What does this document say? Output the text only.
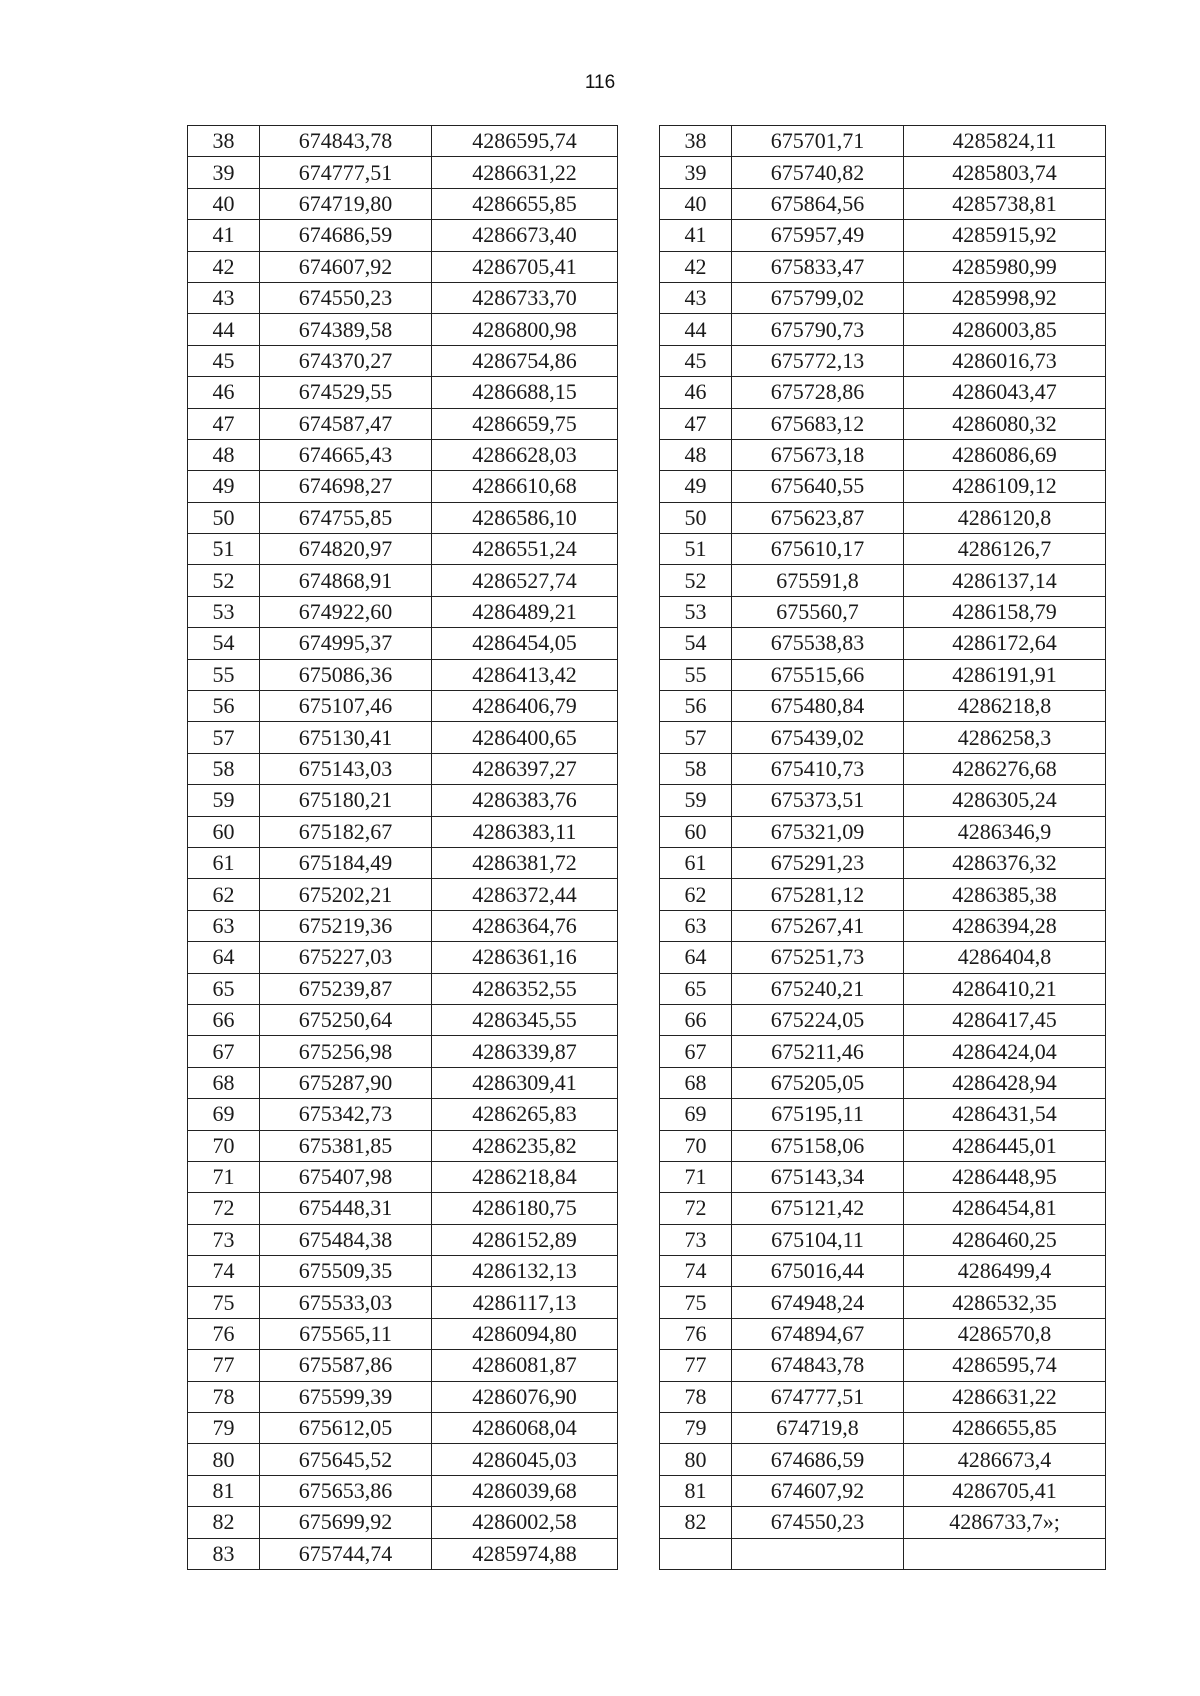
116
38	674843,78	4286595,74
39	674777,51	4286631,22
40	674719,80	4286655,85
41	674686,59	4286673,40
42	674607,92	4286705,41
43	674550,23	4286733,70
44	674389,58	4286800,98
45	674370,27	4286754,86
46	674529,55	4286688,15
47	674587,47	4286659,75
48	674665,43	4286628,03
49	674698,27	4286610,68
50	674755,85	4286586,10
51	674820,97	4286551,24
52	674868,91	4286527,74
53	674922,60	4286489,21
54	674995,37	4286454,05
55	675086,36	4286413,42
56	675107,46	4286406,79
57	675130,41	4286400,65
58	675143,03	4286397,27
59	675180,21	4286383,76
60	675182,67	4286383,11
61	675184,49	4286381,72
62	675202,21	4286372,44
63	675219,36	4286364,76
64	675227,03	4286361,16
65	675239,87	4286352,55
66	675250,64	4286345,55
67	675256,98	4286339,87
68	675287,90	4286309,41
69	675342,73	4286265,83
70	675381,85	4286235,82
71	675407,98	4286218,84
72	675448,31	4286180,75
73	675484,38	4286152,89
74	675509,35	4286132,13
75	675533,03	4286117,13
76	675565,11	4286094,80
77	675587,86	4286081,87
78	675599,39	4286076,90
79	675612,05	4286068,04
80	675645,52	4286045,03
81	675653,86	4286039,68
82	675699,92	4286002,58
83	675744,74	4285974,88
38	675701,71	4285824,11
39	675740,82	4285803,74
40	675864,56	4285738,81
41	675957,49	4285915,92
42	675833,47	4285980,99
43	675799,02	4285998,92
44	675790,73	4286003,85
45	675772,13	4286016,73
46	675728,86	4286043,47
47	675683,12	4286080,32
48	675673,18	4286086,69
49	675640,55	4286109,12
50	675623,87	4286120,8
51	675610,17	4286126,7
52	675591,8	4286137,14
53	675560,7	4286158,79
54	675538,83	4286172,64
55	675515,66	4286191,91
56	675480,84	4286218,8
57	675439,02	4286258,3
58	675410,73	4286276,68
59	675373,51	4286305,24
60	675321,09	4286346,9
61	675291,23	4286376,32
62	675281,12	4286385,38
63	675267,41	4286394,28
64	675251,73	4286404,8
65	675240,21	4286410,21
66	675224,05	4286417,45
67	675211,46	4286424,04
68	675205,05	4286428,94
69	675195,11	4286431,54
70	675158,06	4286445,01
71	675143,34	4286448,95
72	675121,42	4286454,81
73	675104,11	4286460,25
74	675016,44	4286499,4
75	674948,24	4286532,35
76	674894,67	4286570,8
77	674843,78	4286595,74
78	674777,51	4286631,22
79	674719,8	4286655,85
80	674686,59	4286673,4
81	674607,92	4286705,41
82	674550,23	4286733,7»;
